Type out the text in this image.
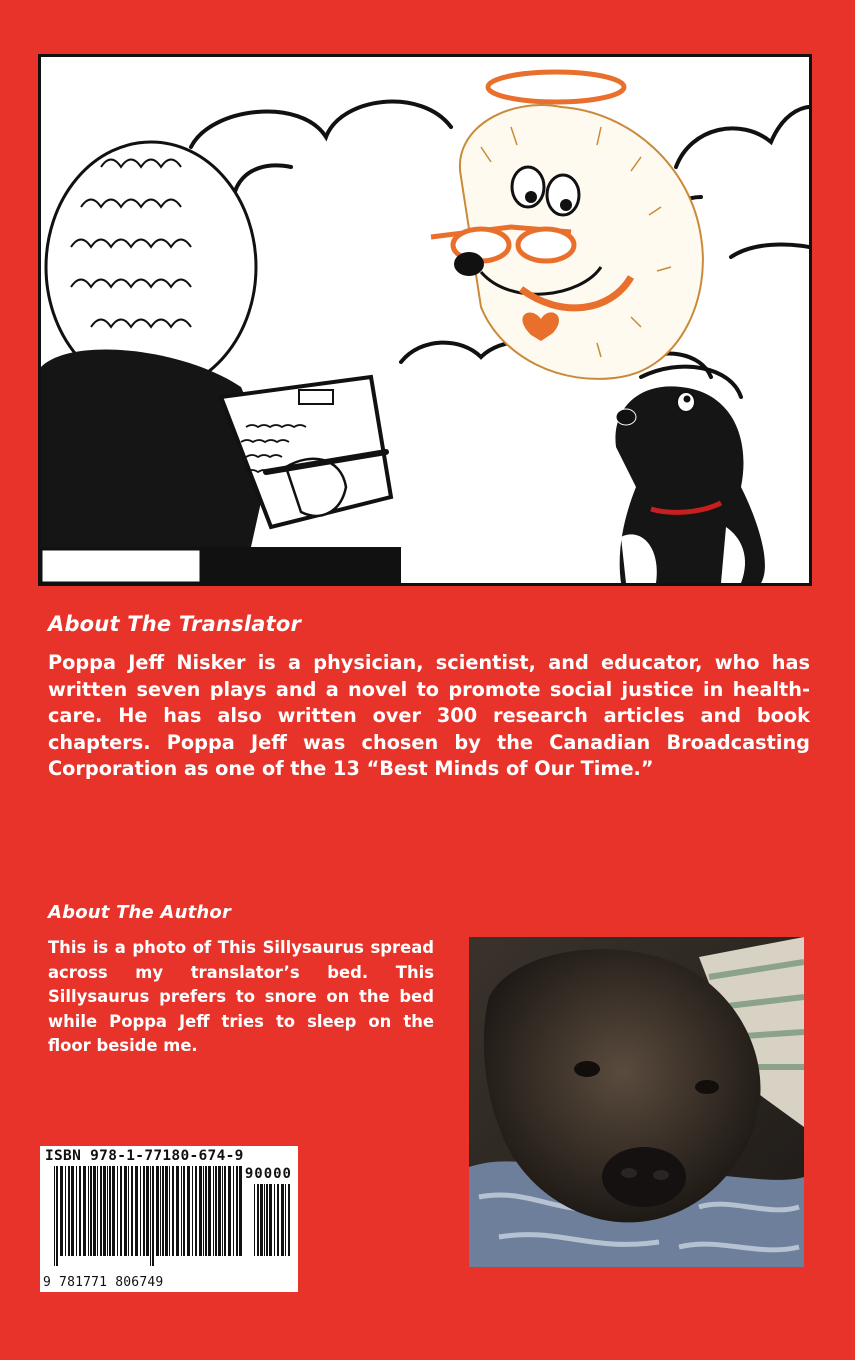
About The Translator
Poppa Jeff Nisker is a physician, scientist, and educator, who has written seven plays and a novel to promote social justice in health-care. He has also written over 300 research articles and book chapters. Poppa Jeff was chosen by the Canadian Broadcasting Corporation as one of the 13 “Best Minds of Our Time.”
About The Author
This is a photo of This Sillysaurus spread across my translator’s bed. This Sillysaurus prefers to snore on the bed while Poppa Jeff tries to sleep on the floor beside me.
ISBN 978-1-77180-674-9
90000
9 781771 806749
